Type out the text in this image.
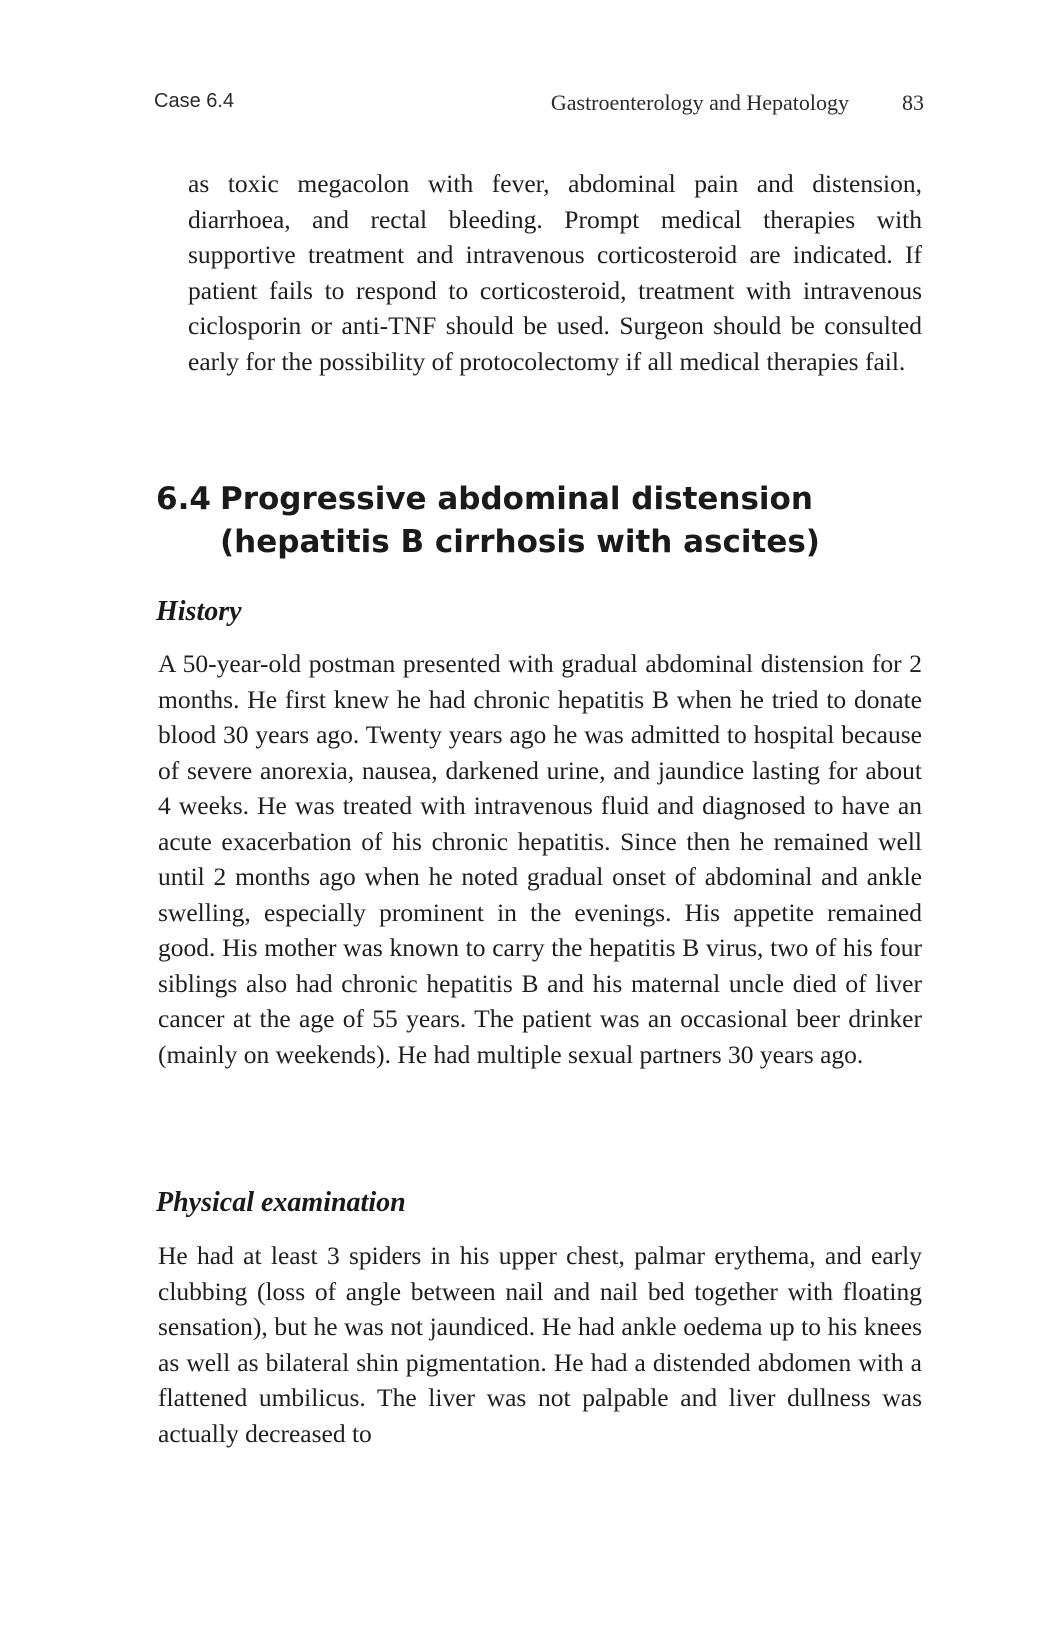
Case 6.4	Gastroenterology and Hepatology 83

as toxic megacolon with fever, abdominal pain and distension, diarrhoea, and rectal bleeding. Prompt medical therapies with supportive treatment and intravenous corticosteroid are indicated. If patient fails to respond to corticosteroid, treatment with intravenous ciclosporin or anti-TNF should be used. Surgeon should be consulted early for the possibility of protocolectomy if all medical therapies fail.

6.4 Progressive abdominal distension (hepatitis B cirrhosis with ascites)
History

A 50-year-old postman presented with gradual abdominal distension for 2 months. He first knew he had chronic hepatitis B when he tried to donate blood 30 years ago. Twenty years ago he was admitted to hospital because of severe anorexia, nausea, darkened urine, and jaundice lasting for about 4 weeks. He was treated with intravenous fluid and diagnosed to have an acute exacerbation of his chronic hepatitis. Since then he remained well until 2 months ago when he noted gradual onset of abdominal and ankle swelling, especially prominent in the evenings. His appetite remained good. His mother was known to carry the hepatitis B virus, two of his four siblings also had chronic hepatitis B and his maternal uncle died of liver cancer at the age of 55 years. The patient was an occasional beer drinker (mainly on weekends). He had multiple sexual partners 30 years ago.

Physical examination

He had at least 3 spiders in his upper chest, palmar erythema, and early clubbing (loss of angle between nail and nail bed together with floating sensation), but he was not jaundiced. He had ankle oedema up to his knees as well as bilateral shin pigmentation. He had a distended abdomen with a flattened umbilicus. The liver was not palpable and liver dullness was actually decreased to
